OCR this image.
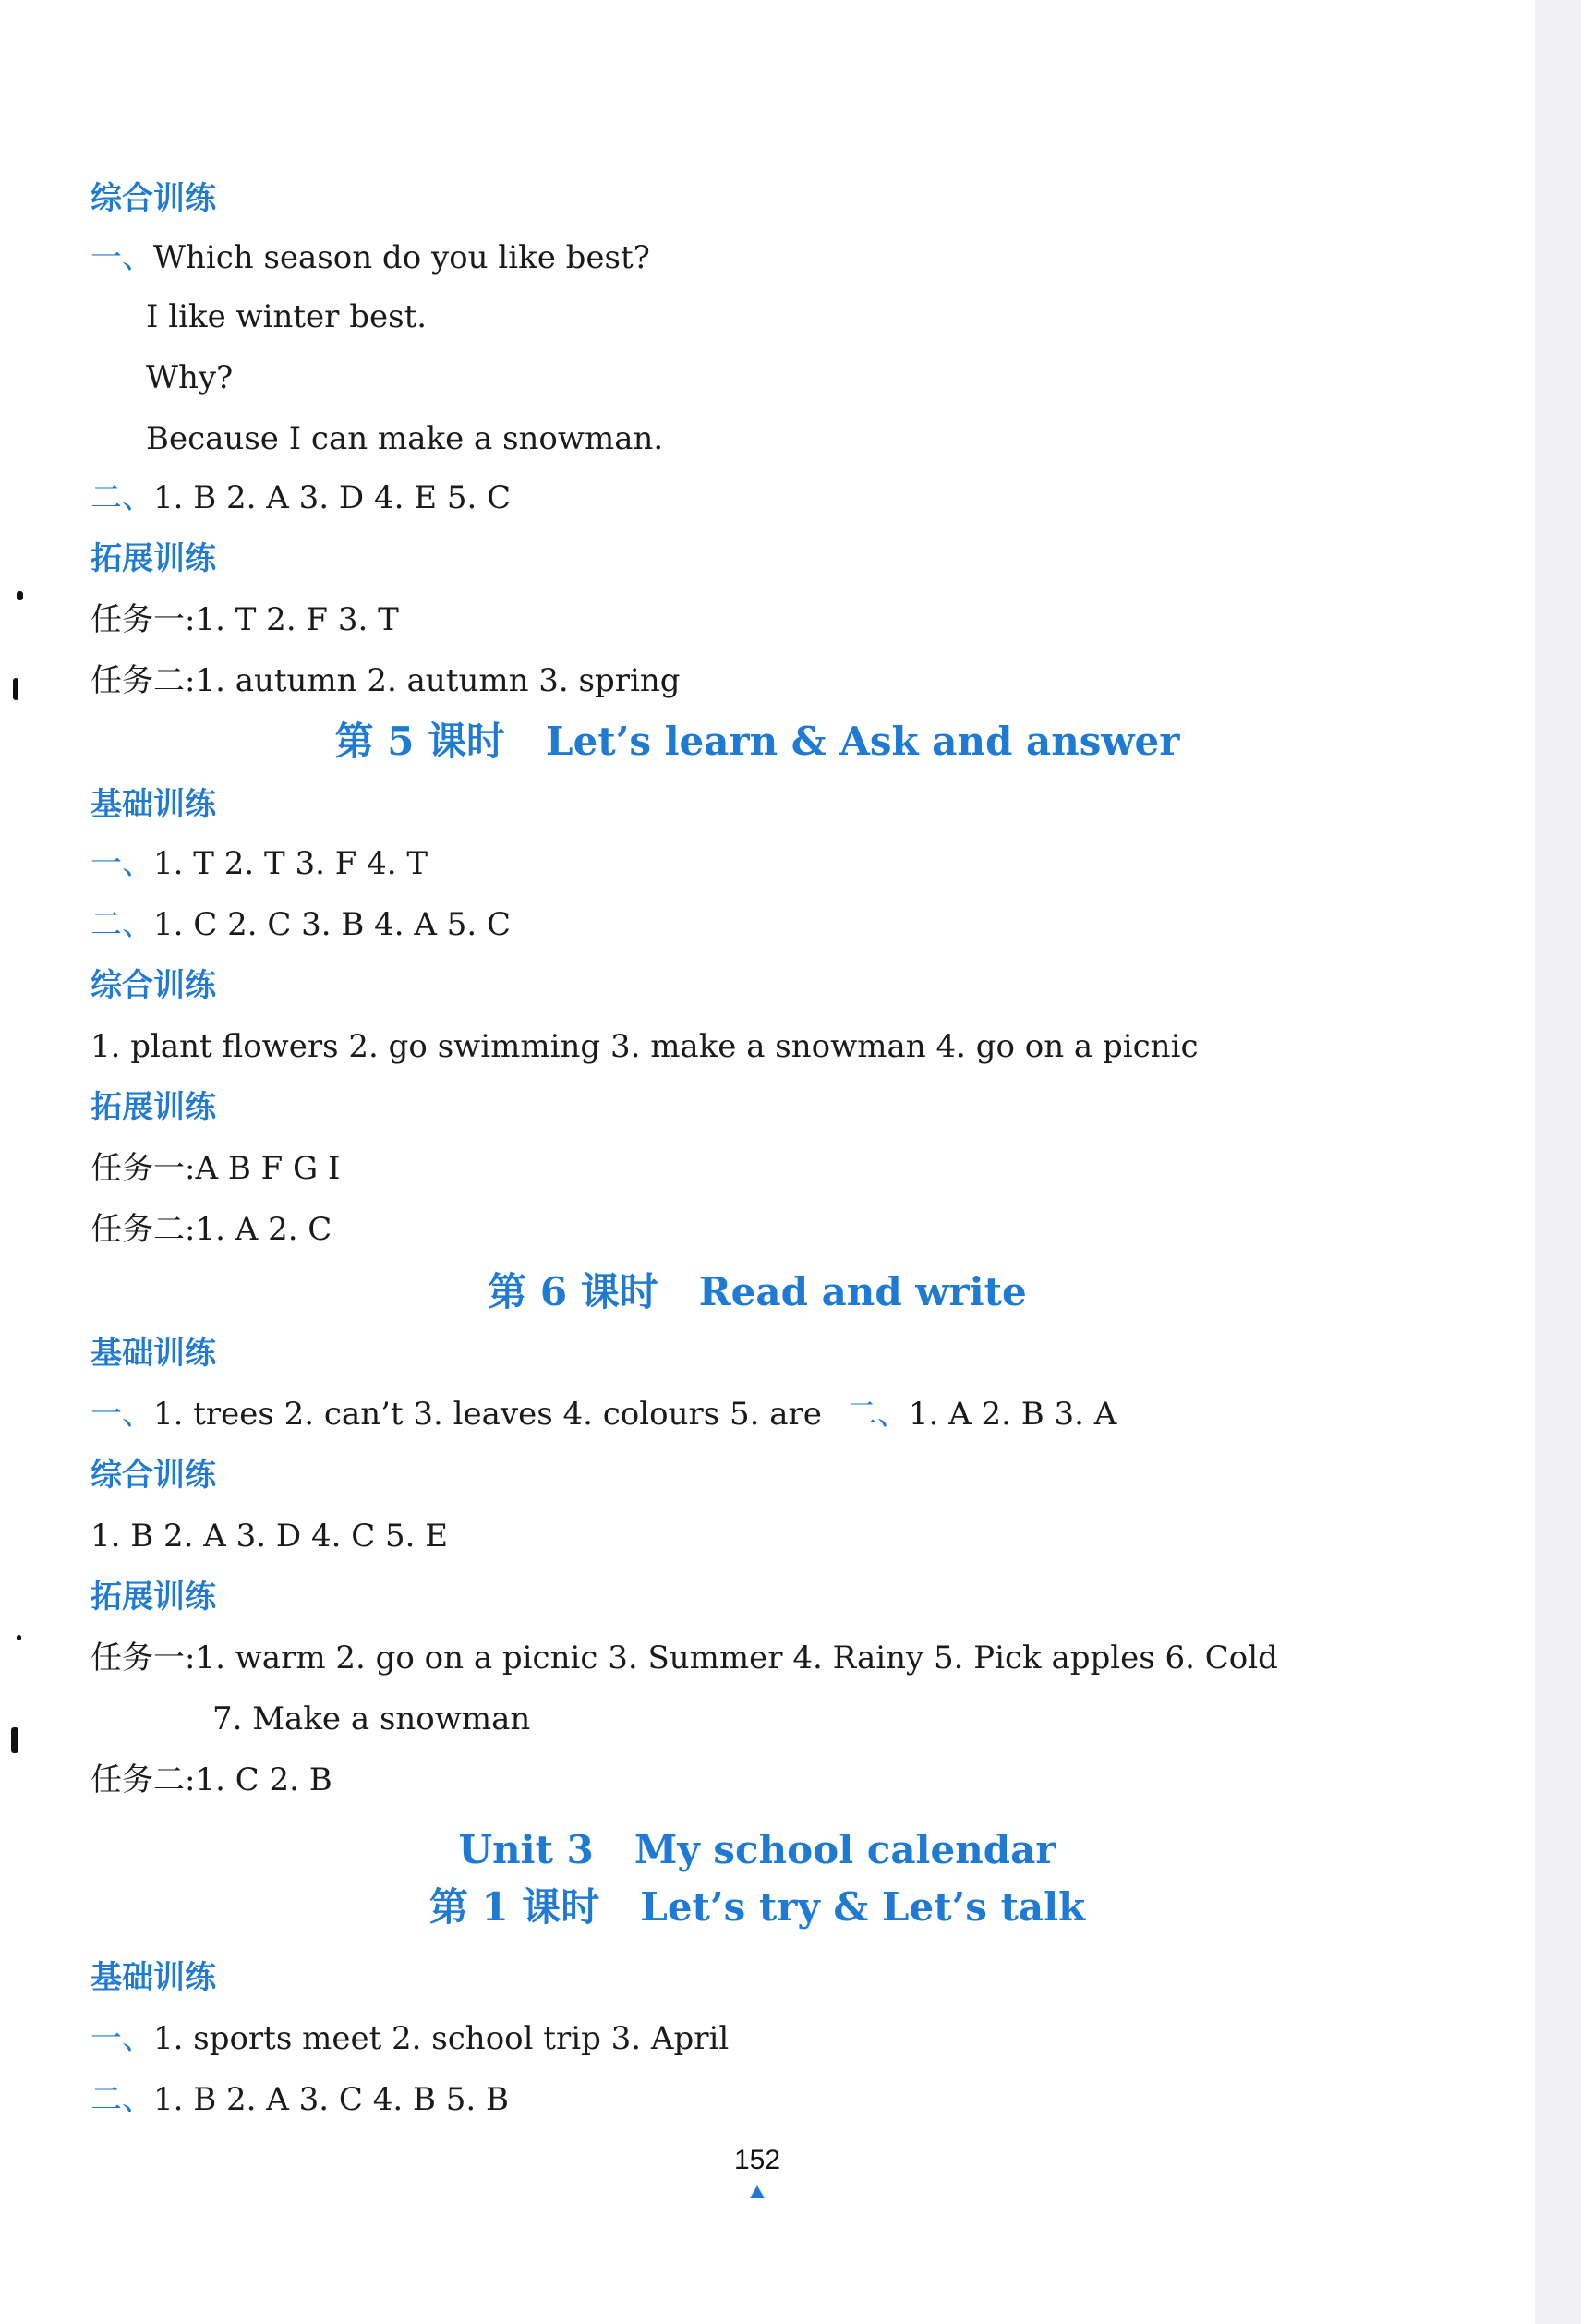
综合训练
一、Which season do you like best?
I like winter best.
Why?
Because I can make a snowman.
二、1. B 2. A 3. D 4. E 5. C
拓展训练
任务一:1. T 2. F 3. T
任务二:1. autumn 2. autumn 3. spring
第 5 课时 Let’s learn & Ask and answer
基础训练
一、1. T 2. T 3. F 4. T
二、1. C 2. C 3. B 4. A 5. C
综合训练
1. plant flowers 2. go swimming 3. make a snowman 4. go on a picnic
拓展训练
任务一:A B F G I
任务二:1. A 2. C
第 6 课时 Read and write
基础训练
一、1. trees 2. can’t 3. leaves 4. colours 5. are 二、1. A 2. B 3. A
综合训练
1. B 2. A 3. D 4. C 5. E
拓展训练
任务一:1. warm 2. go on a picnic 3. Summer 4. Rainy 5. Pick apples 6. Cold
7. Make a snowman
任务二:1. C 2. B
Unit 3 My school calendar
第 1 课时 Let’s try & Let’s talk
基础训练
一、1. sports meet 2. school trip 3. April
二、1. B 2. A 3. C 4. B 5. B
152
